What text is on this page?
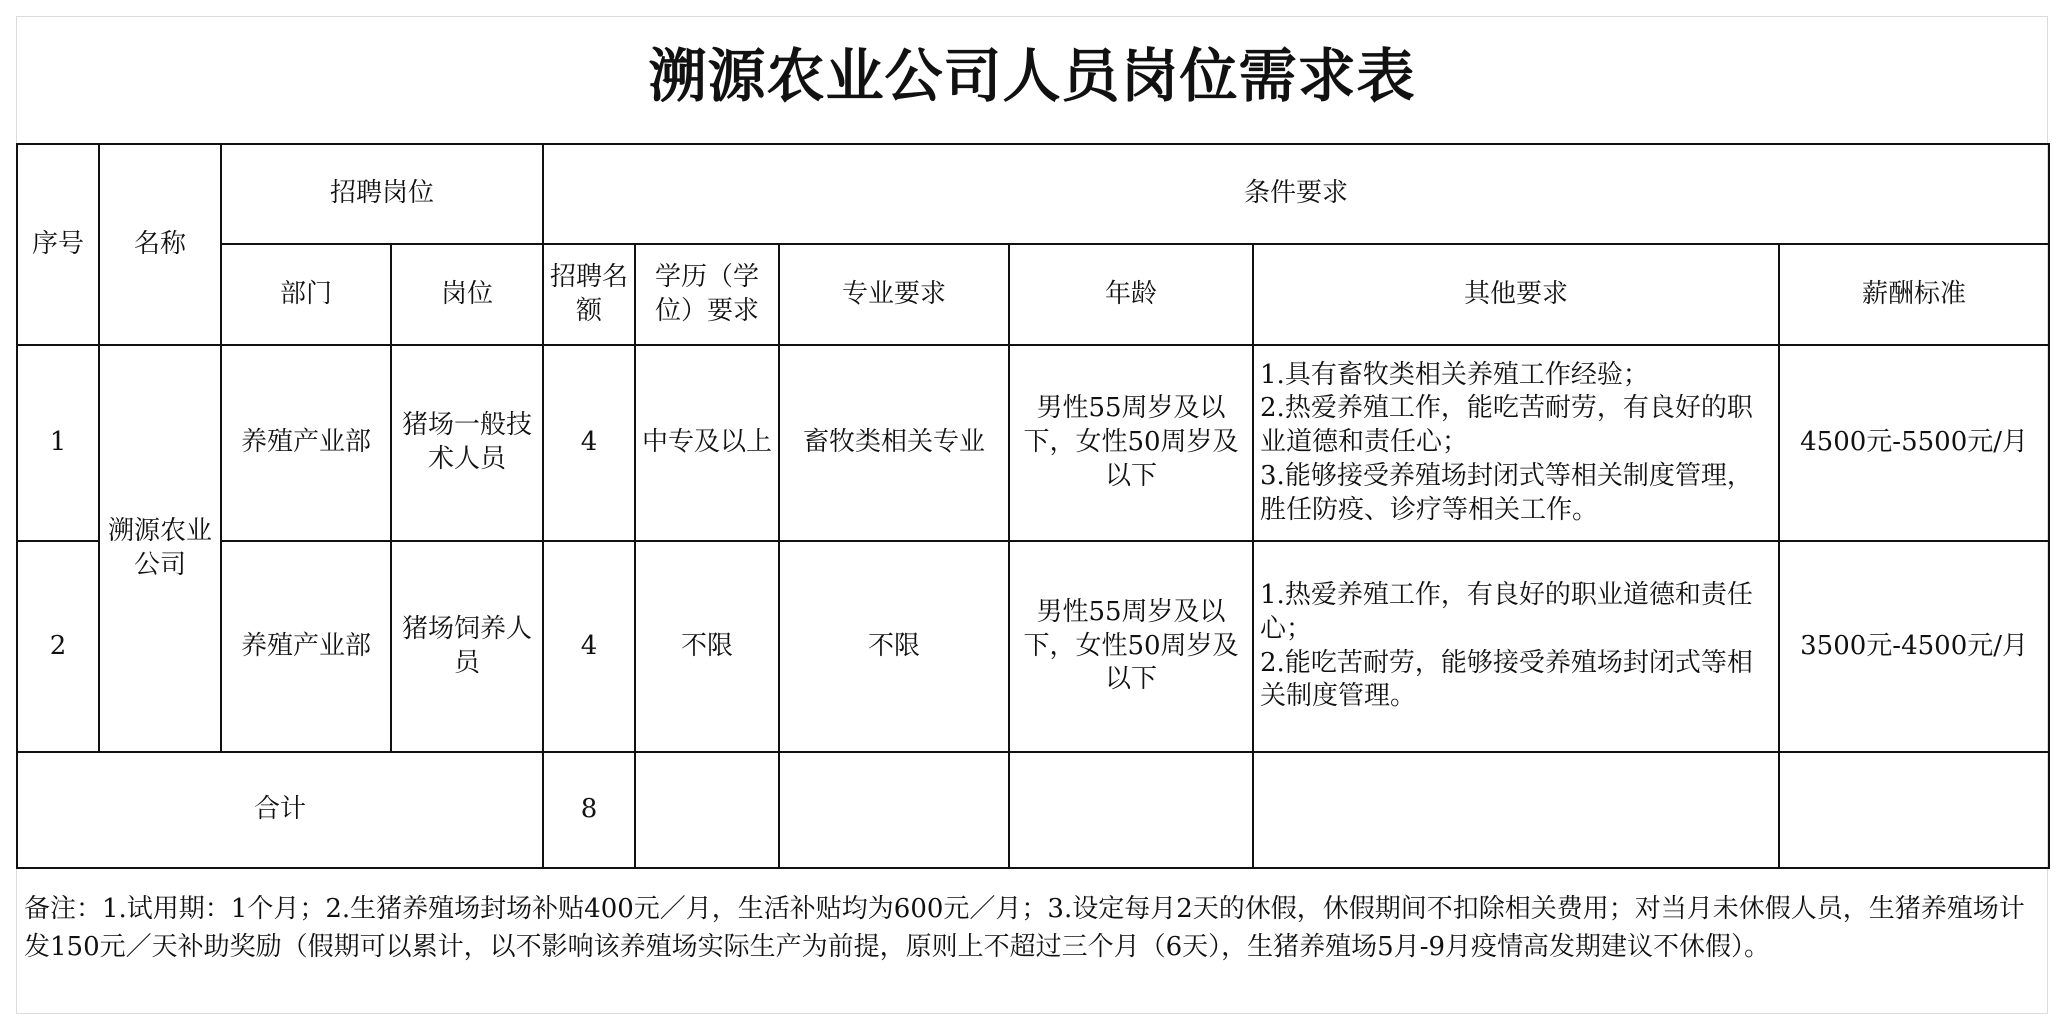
溯源农业公司人员岗位需求表
序号	名称	招聘岗位		条件要求					
		部门	岗位	招聘名额	学历（学位）要求	专业要求	年龄	其他要求	薪酬标准
1	溯源农业公司	养殖产业部	猪场一般技术人员	4	中专及以上	畜牧类相关专业	男性55周岁及以下，女性50周岁及以下	1.具有畜牧类相关养殖工作经验；
2.热爱养殖工作，能吃苦耐劳，有良好的职业道德和责任心；
3.能够接受养殖场封闭式等相关制度管理，胜任防疫、诊疗等相关工作。	4500元-5500元/月
2		养殖产业部	猪场饲养人员	4	不限	不限	男性55周岁及以下，女性50周岁及以下	1.热爱养殖工作，有良好的职业道德和责任心；
2.能吃苦耐劳，能够接受养殖场封闭式等相关制度管理。	3500元-4500元/月
合计				8					
备注：1.试用期：1个月；2.生猪养殖场封场补贴400元／月，生活补贴均为600元／月；3.设定每月2天的休假，休假期间不扣除相关费用；对当月未休假人员，生猪养殖场计发150元／天补助奖励（假期可以累计，以不影响该养殖场实际生产为前提，原则上不超过三个月（6天），生猪养殖场5月-9月疫情高发期建议不休假）。
